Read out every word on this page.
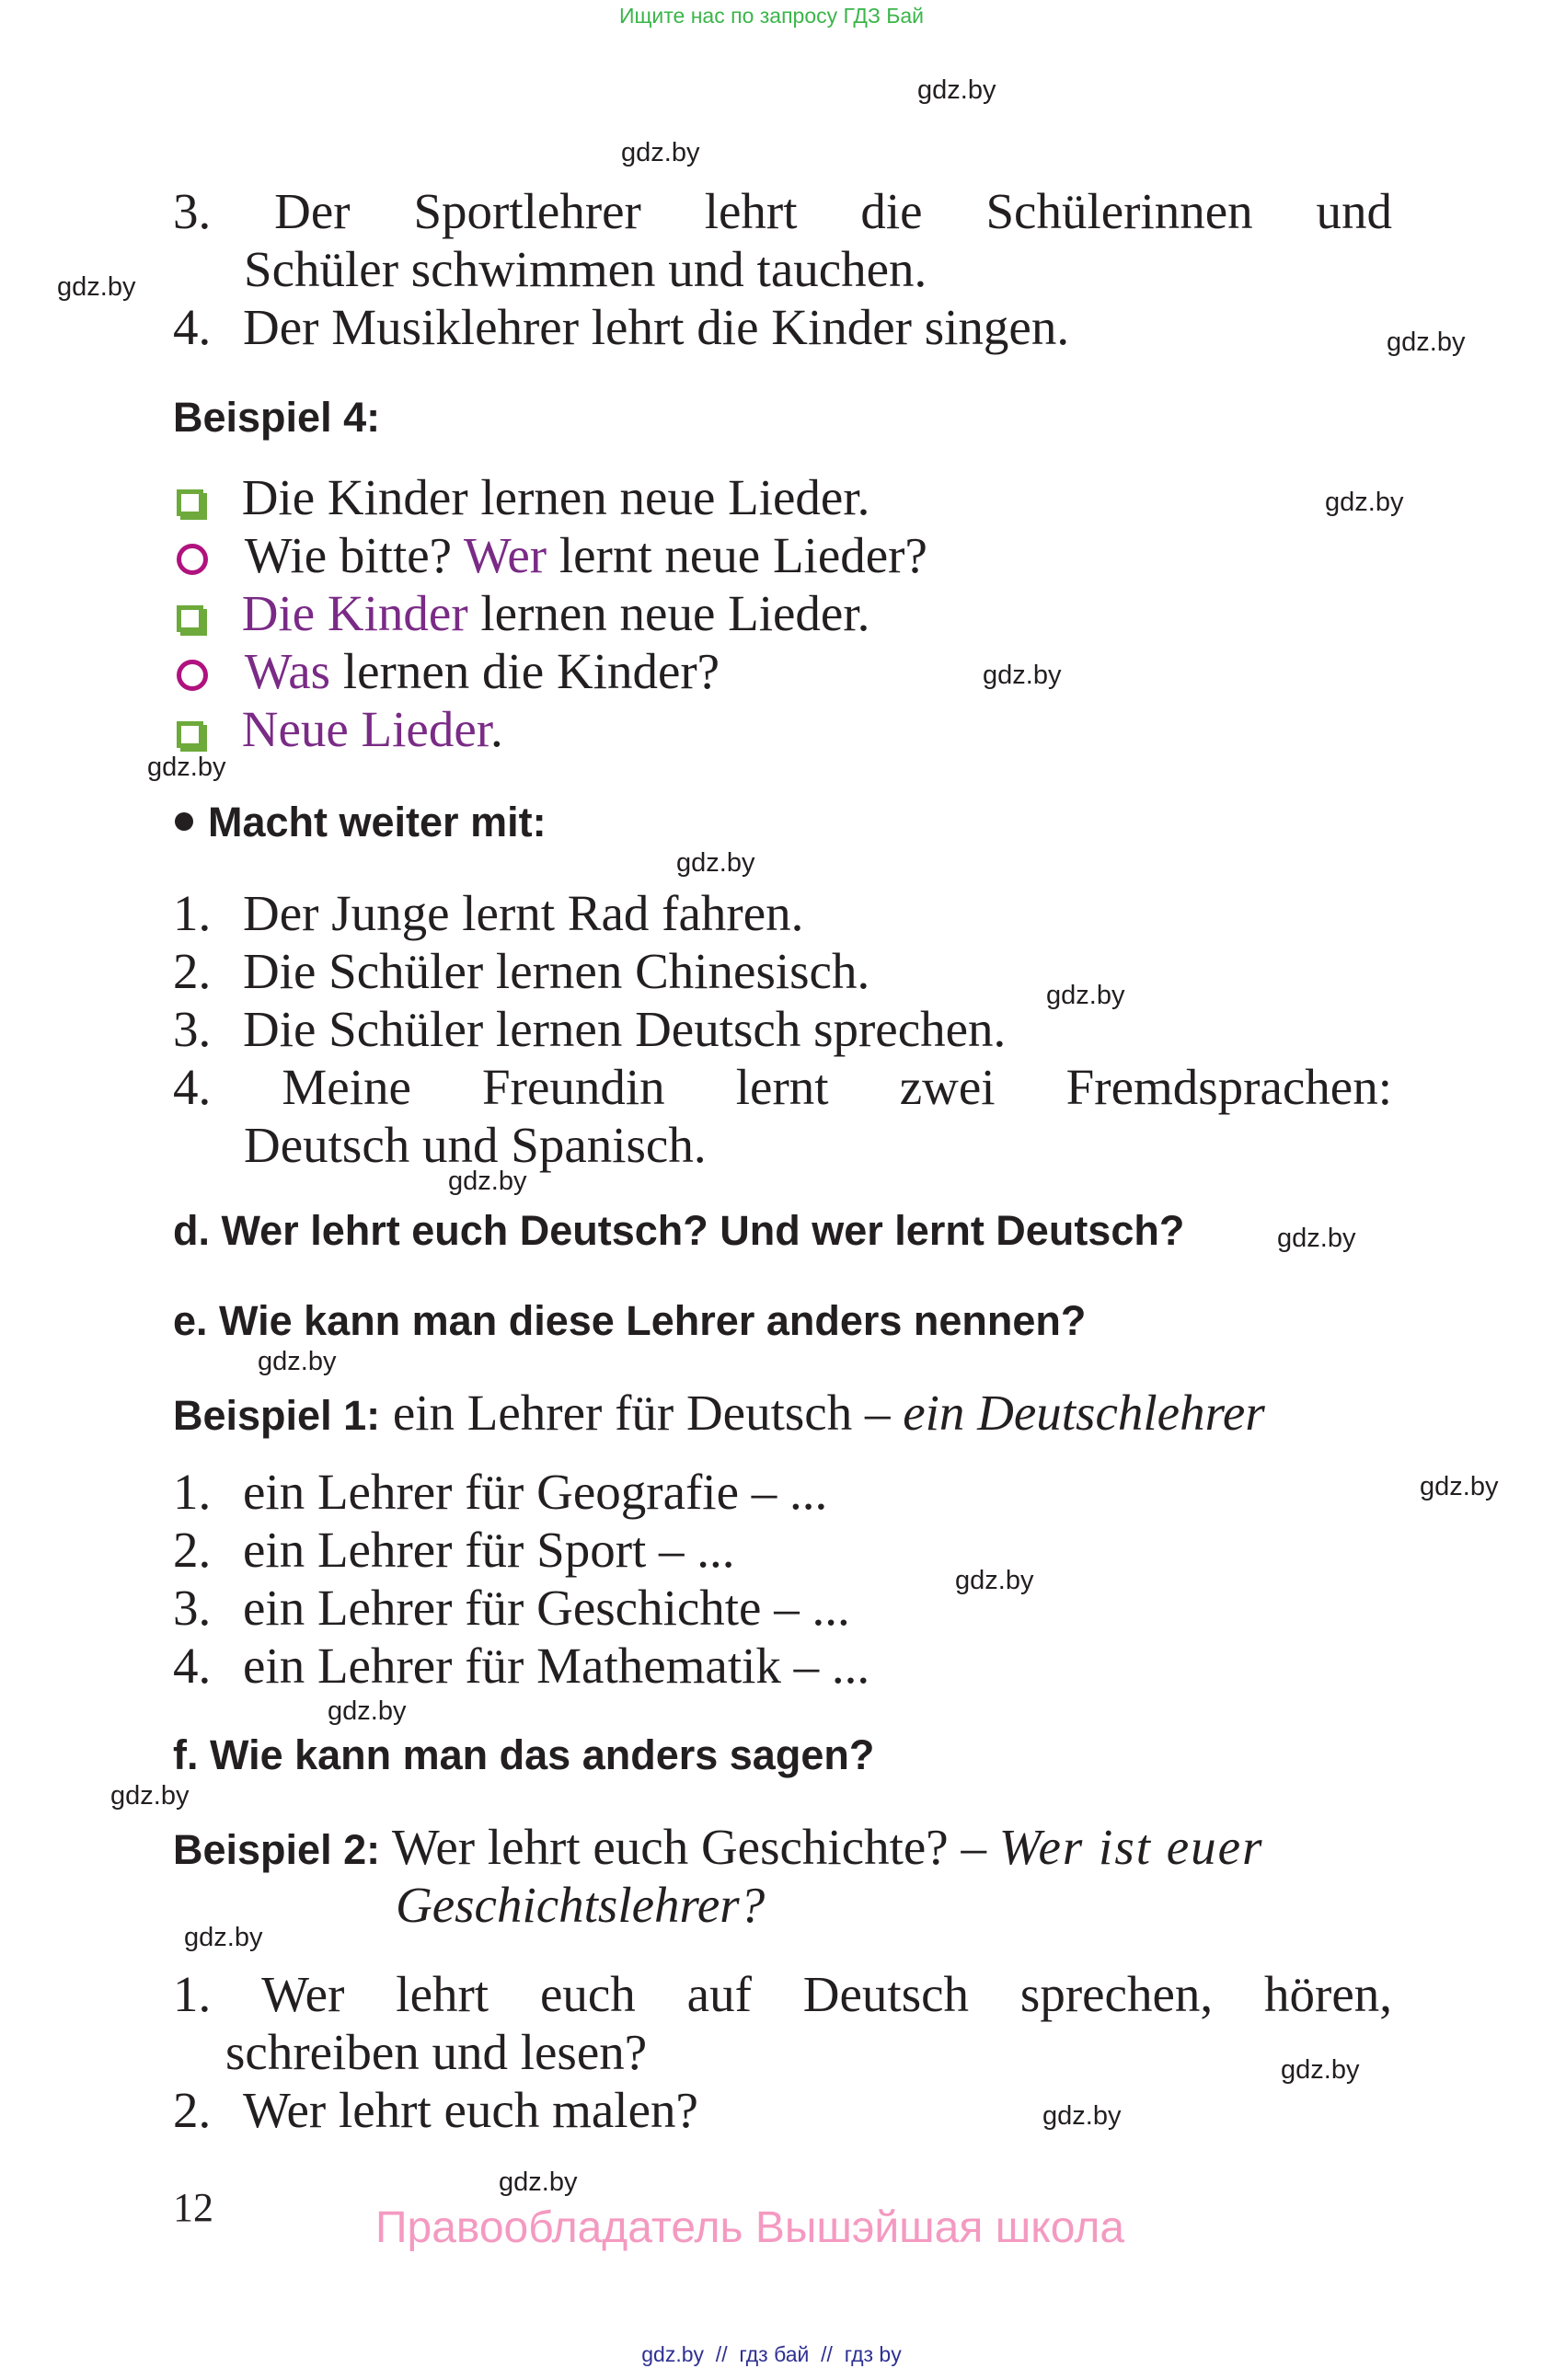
Ищите нас по запросу ГДЗ Бай
gdz.by
gdz.by
gdz.by
gdz.by
gdz.by
gdz.by
gdz.by
gdz.by
gdz.by
gdz.by
gdz.by
gdz.by
gdz.by
gdz.by
gdz.by
gdz.by
gdz.by
gdz.by
gdz.by
gdz.by
3. Der Sportlehrer lehrt die Schülerinnen und
Schüler schwimmen und tauchen.
4. Der Musiklehrer lehrt die Kinder singen.
Beispiel 4:
Die Kinder lernen neue Lieder.
Wie bitte? Wer lernt neue Lieder?
Die Kinder lernen neue Lieder.
Was lernen die Kinder?
Neue Lieder.
Macht weiter mit:
1. Der Junge lernt Rad fahren.
2. Die Schüler lernen Chinesisch.
3. Die Schüler lernen Deutsch sprechen.
4. Meine Freundin lernt zwei Fremdsprachen:
Deutsch und Spanisch.
d. Wer lehrt euch Deutsch? Und wer lernt Deutsch?
e. Wie kann man diese Lehrer anders nennen?
Beispiel 1: ein Lehrer für Deutsch – ein Deutschlehrer
1. ein Lehrer für Geografie – ...
2. ein Lehrer für Sport – ...
3. ein Lehrer für Geschichte – ...
4. ein Lehrer für Mathematik – ...
f. Wie kann man das anders sagen?
Beispiel 2: Wer lehrt euch Geschichte? – Wer ist euer
Geschichtslehrer?
1. Wer lehrt euch auf Deutsch sprechen, hören,
schreiben und lesen?
2. Wer lehrt euch malen?
12	Правообладатель Вышэйшая школа
gdz.by  //  гдз бай  //  гдз by
